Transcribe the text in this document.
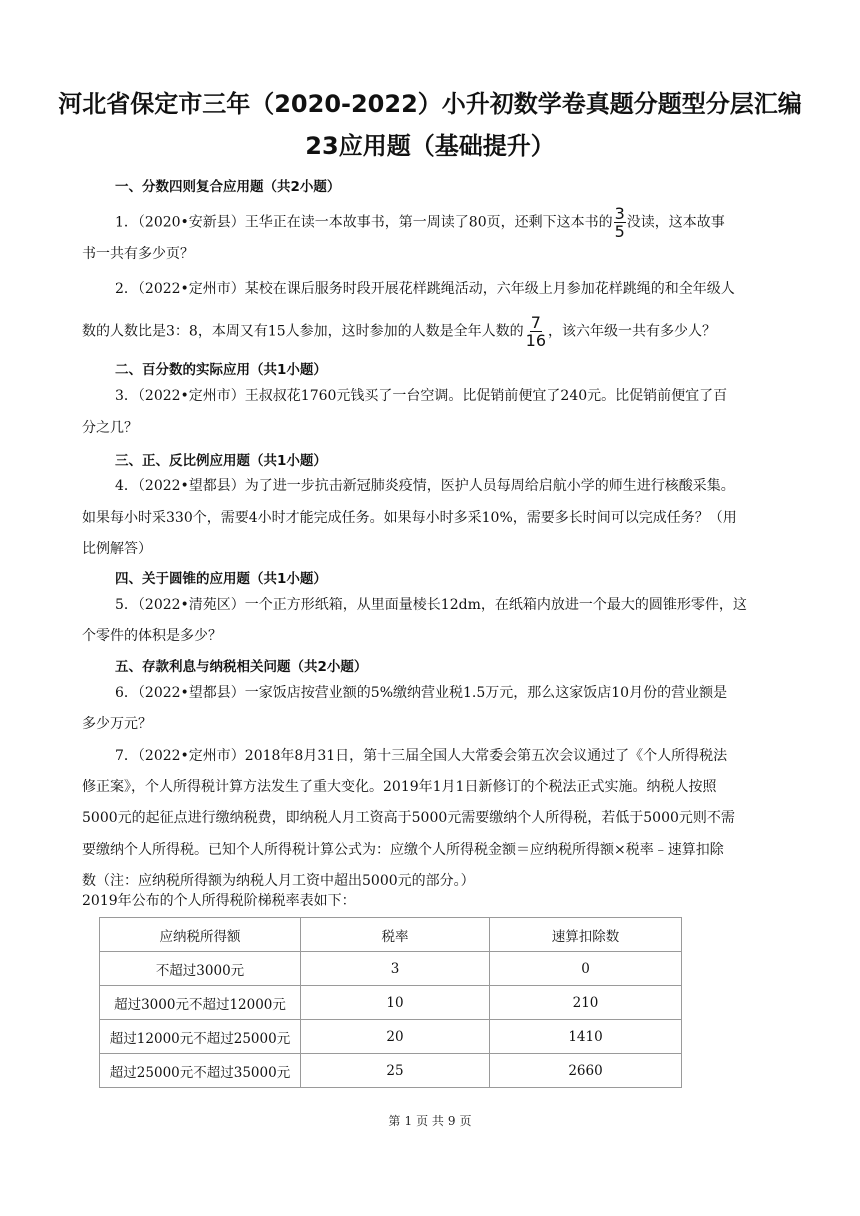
河北省保定市三年（2020-2022）小升初数学卷真题分题型分层汇编
23应用题（基础提升）
一、分数四则复合应用题（共2小题）
1．（2020•安新县）王华正在读一本故事书，第一周读了80页，还剩下这本书的 $\frac{3}{5}$ 没读，这本故事
书一共有多少页？
2．（2022•定州市）某校在课后服务时段开展花样跳绳活动，六年级上月参加花样跳绳的和全年级人
数的人数比是3：8，本周又有15人参加，这时参加的人数是全年人数的 $\frac{7}{16}$ ，该六年级一共有多少人？
二、百分数的实际应用（共1小题）
3．（2022•定州市）王叔叔花1760元钱买了一台空调。比促销前便宜了240元。比促销前便宜了百
分之几？
三、正、反比例应用题（共1小题）
4．（2022•望都县）为了进一步抗击新冠肺炎疫情，医护人员每周给启航小学的师生进行核酸采集。
如果每小时采330个，需要4小时才能完成任务。如果每小时多采10%，需要多长时间可以完成任务？（用
比例解答）
四、关于圆锥的应用题（共1小题）
5．（2022•清苑区）一个正方形纸箱，从里面量棱长12dm，在纸箱内放进一个最大的圆锥形零件，这
个零件的体积是多少？
五、存款利息与纳税相关问题（共2小题）
6．（2022•望都县）一家饭店按营业额的5%缴纳营业税1.5万元，那么这家饭店10月份的营业额是
多少万元？
7．（2022•定州市）2018年8月31日，第十三届全国人大常委会第五次会议通过了《个人所得税法
修正案》，个人所得税计算方法发生了重大变化。2019年1月1日新修订的个税法正式实施。纳税人按照
5000元的起征点进行缴纳税费，即纳税人月工资高于5000元需要缴纳个人所得税，若低于5000元则不需
要缴纳个人所得税。已知个人所得税计算公式为：应缴个人所得税金额＝应纳税所得额×税率﹣速算扣除
数（注：应纳税所得额为纳税人月工资中超出5000元的部分。）
2019年公布的个人所得税阶梯税率表如下：
应纳税所得额	税率	速算扣除数
不超过3000元	3	0
超过3000元不超过12000元	10	210
超过12000元不超过25000元	20	1410
超过25000元不超过35000元	25	2660
第 1 页 共 9 页
